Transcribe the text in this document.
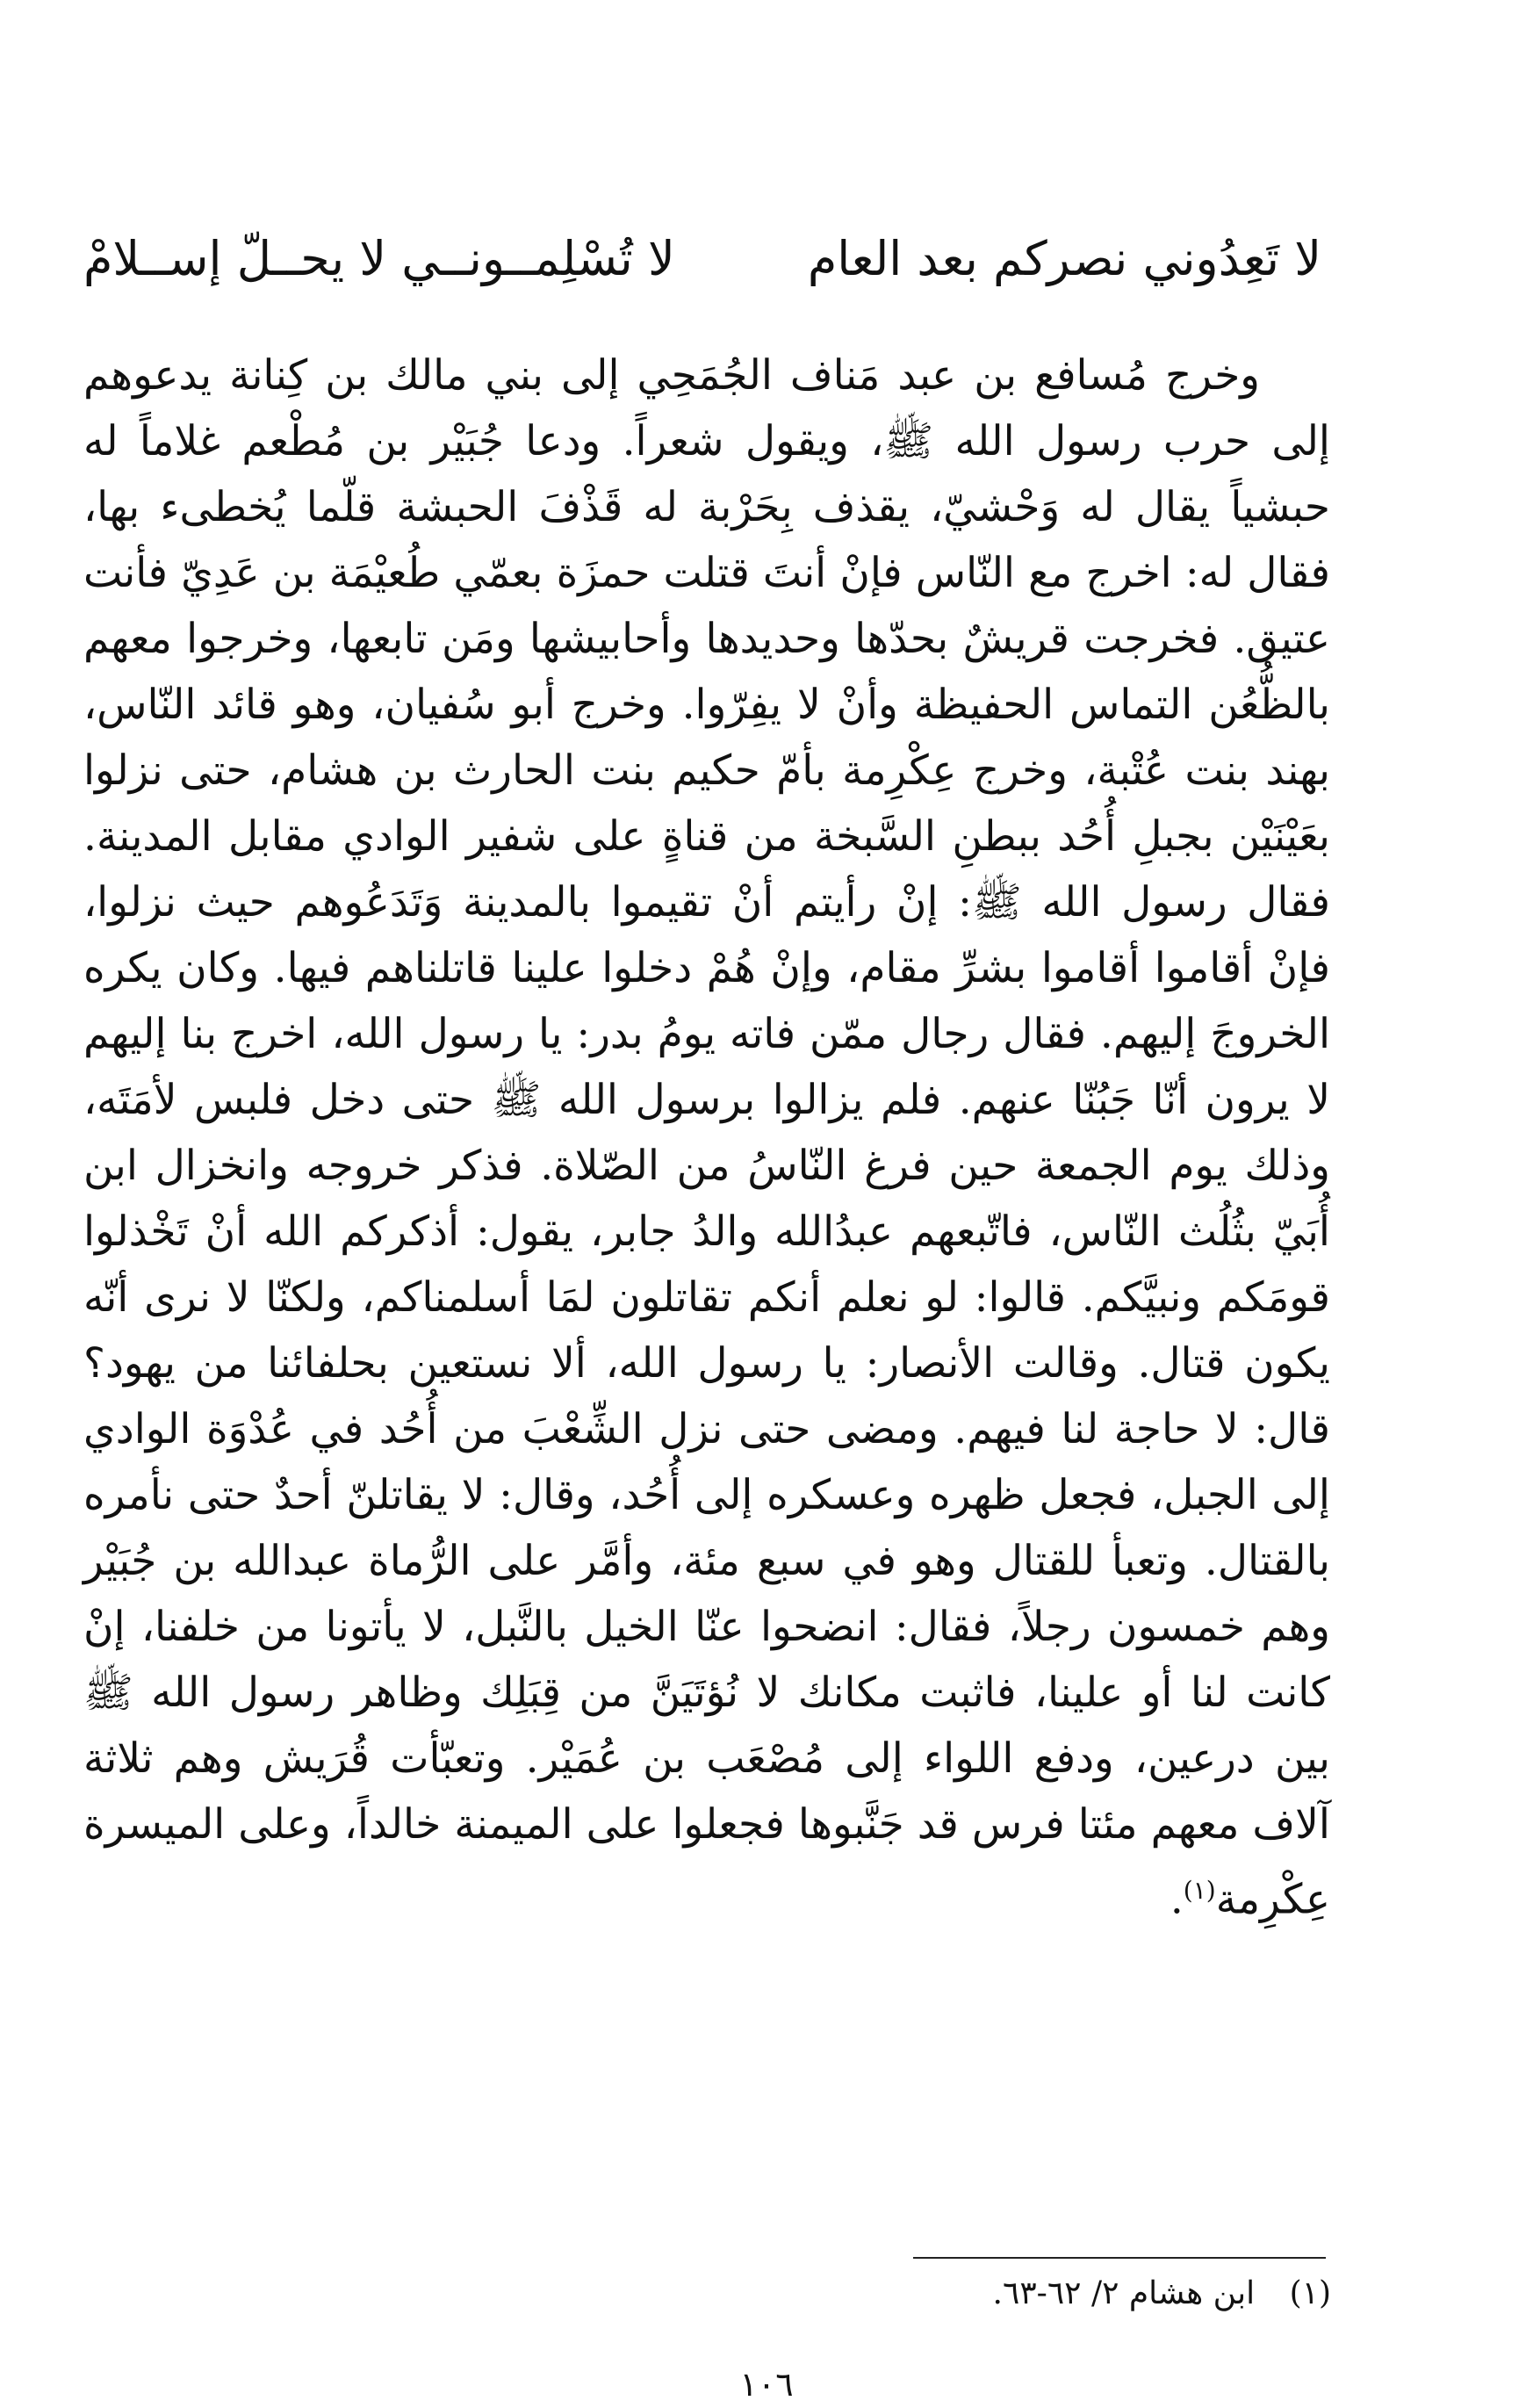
لا تَعِدُوني نصركم بعد العام
لا تُسْلِمــونــي لا يحــلّ إســلامْ

وخرج مُسافع بن عبد مَناف الجُمَحِي إلى بني مالك بن كِنانة يدعوهم إلى حرب رسول الله ﷺ، ويقول شعراً. ودعا جُبَيْر بن مُطْعم غلاماً له حبشياً يقال له وَحْشيّ، يقذف بِحَرْبة له قَذْفَ الحبشة قلّما يُخطىء بها، فقال له: اخرج مع النّاس فإنْ أنتَ قتلت حمزَة بعمّي طُعيْمَة بن عَدِيّ فأنت عتيق. فخرجت قريشٌ بحدّها وحديدها وأحابيشها ومَن تابعها، وخرجوا معهم بالظُّعُن التماس الحفيظة وأنْ لا يفِرّوا. وخرج أبو سُفيان، وهو قائد النّاس، بهند بنت عُتْبة، وخرج عِكْرِمة بأمّ حكيم بنت الحارث بن هشام، حتى نزلوا بعَيْنَيْن بجبلِ أُحُد ببطنِ السَّبخة من قناةٍ على شفير الوادي مقابل المدينة. فقال رسول الله ﷺ: إنْ رأيتم أنْ تقيموا بالمدينة وَتَدَعُوهم حيث نزلوا، فإنْ أقاموا أقاموا بشرِّ مقام، وإنْ هُمْ دخلوا علينا قاتلناهم فيها. وكان يكره الخروجَ إليهم. فقال رجال ممّن فاته يومُ بدر: يا رسول الله، اخرج بنا إليهم لا يرون أنّا جَبُنّا عنهم. فلم يزالوا برسول الله ﷺ حتى دخل فلبس لأمَتَه، وذلك يوم الجمعة حين فرغ النّاسُ من الصّلاة. فذكر خروجه وانخزال ابن أُبَيّ بثُلُث النّاس، فاتّبعهم عبدُالله والدُ جابر، يقول: أذكركم الله أنْ تَخْذلوا قومَكم ونبيَّكم. قالوا: لو نعلم أنكم تقاتلون لمَا أسلمناكم، ولكنّا لا نرى أنّه يكون قتال. وقالت الأنصار: يا رسول الله، ألا نستعين بحلفائنا من يهود؟ قال: لا حاجة لنا فيهم. ومضى حتى نزل الشِّعْبَ من أُحُد في عُدْوَة الوادي إلى الجبل، فجعل ظهره وعسكره إلى أُحُد، وقال: لا يقاتلنّ أحدٌ حتى نأمره بالقتال. وتعبأ للقتال وهو في سبع مئة، وأمَّر على الرُّماة عبدالله بن جُبَيْر وهم خمسون رجلاً، فقال: انضحوا عنّا الخيل بالنَّبل، لا يأتونا من خلفنا، إنْ كانت لنا أو علينا، فاثبت مكانك لا نُؤتَيَنَّ من قِبَلِك وظاهر رسول الله ﷺ بين درعين، ودفع اللواء إلى مُصْعَب بن عُمَيْر. وتعبّأت قُرَيش وهم ثلاثة آلاف معهم مئتا فرس قد جَنَّبوها فجعلوا على الميمنة خالداً، وعلى الميسرة عِكْرِمة$^{(١)}$.

(١) ابن هشام ٢/ ٦٢-٦٣.
١٠٦
